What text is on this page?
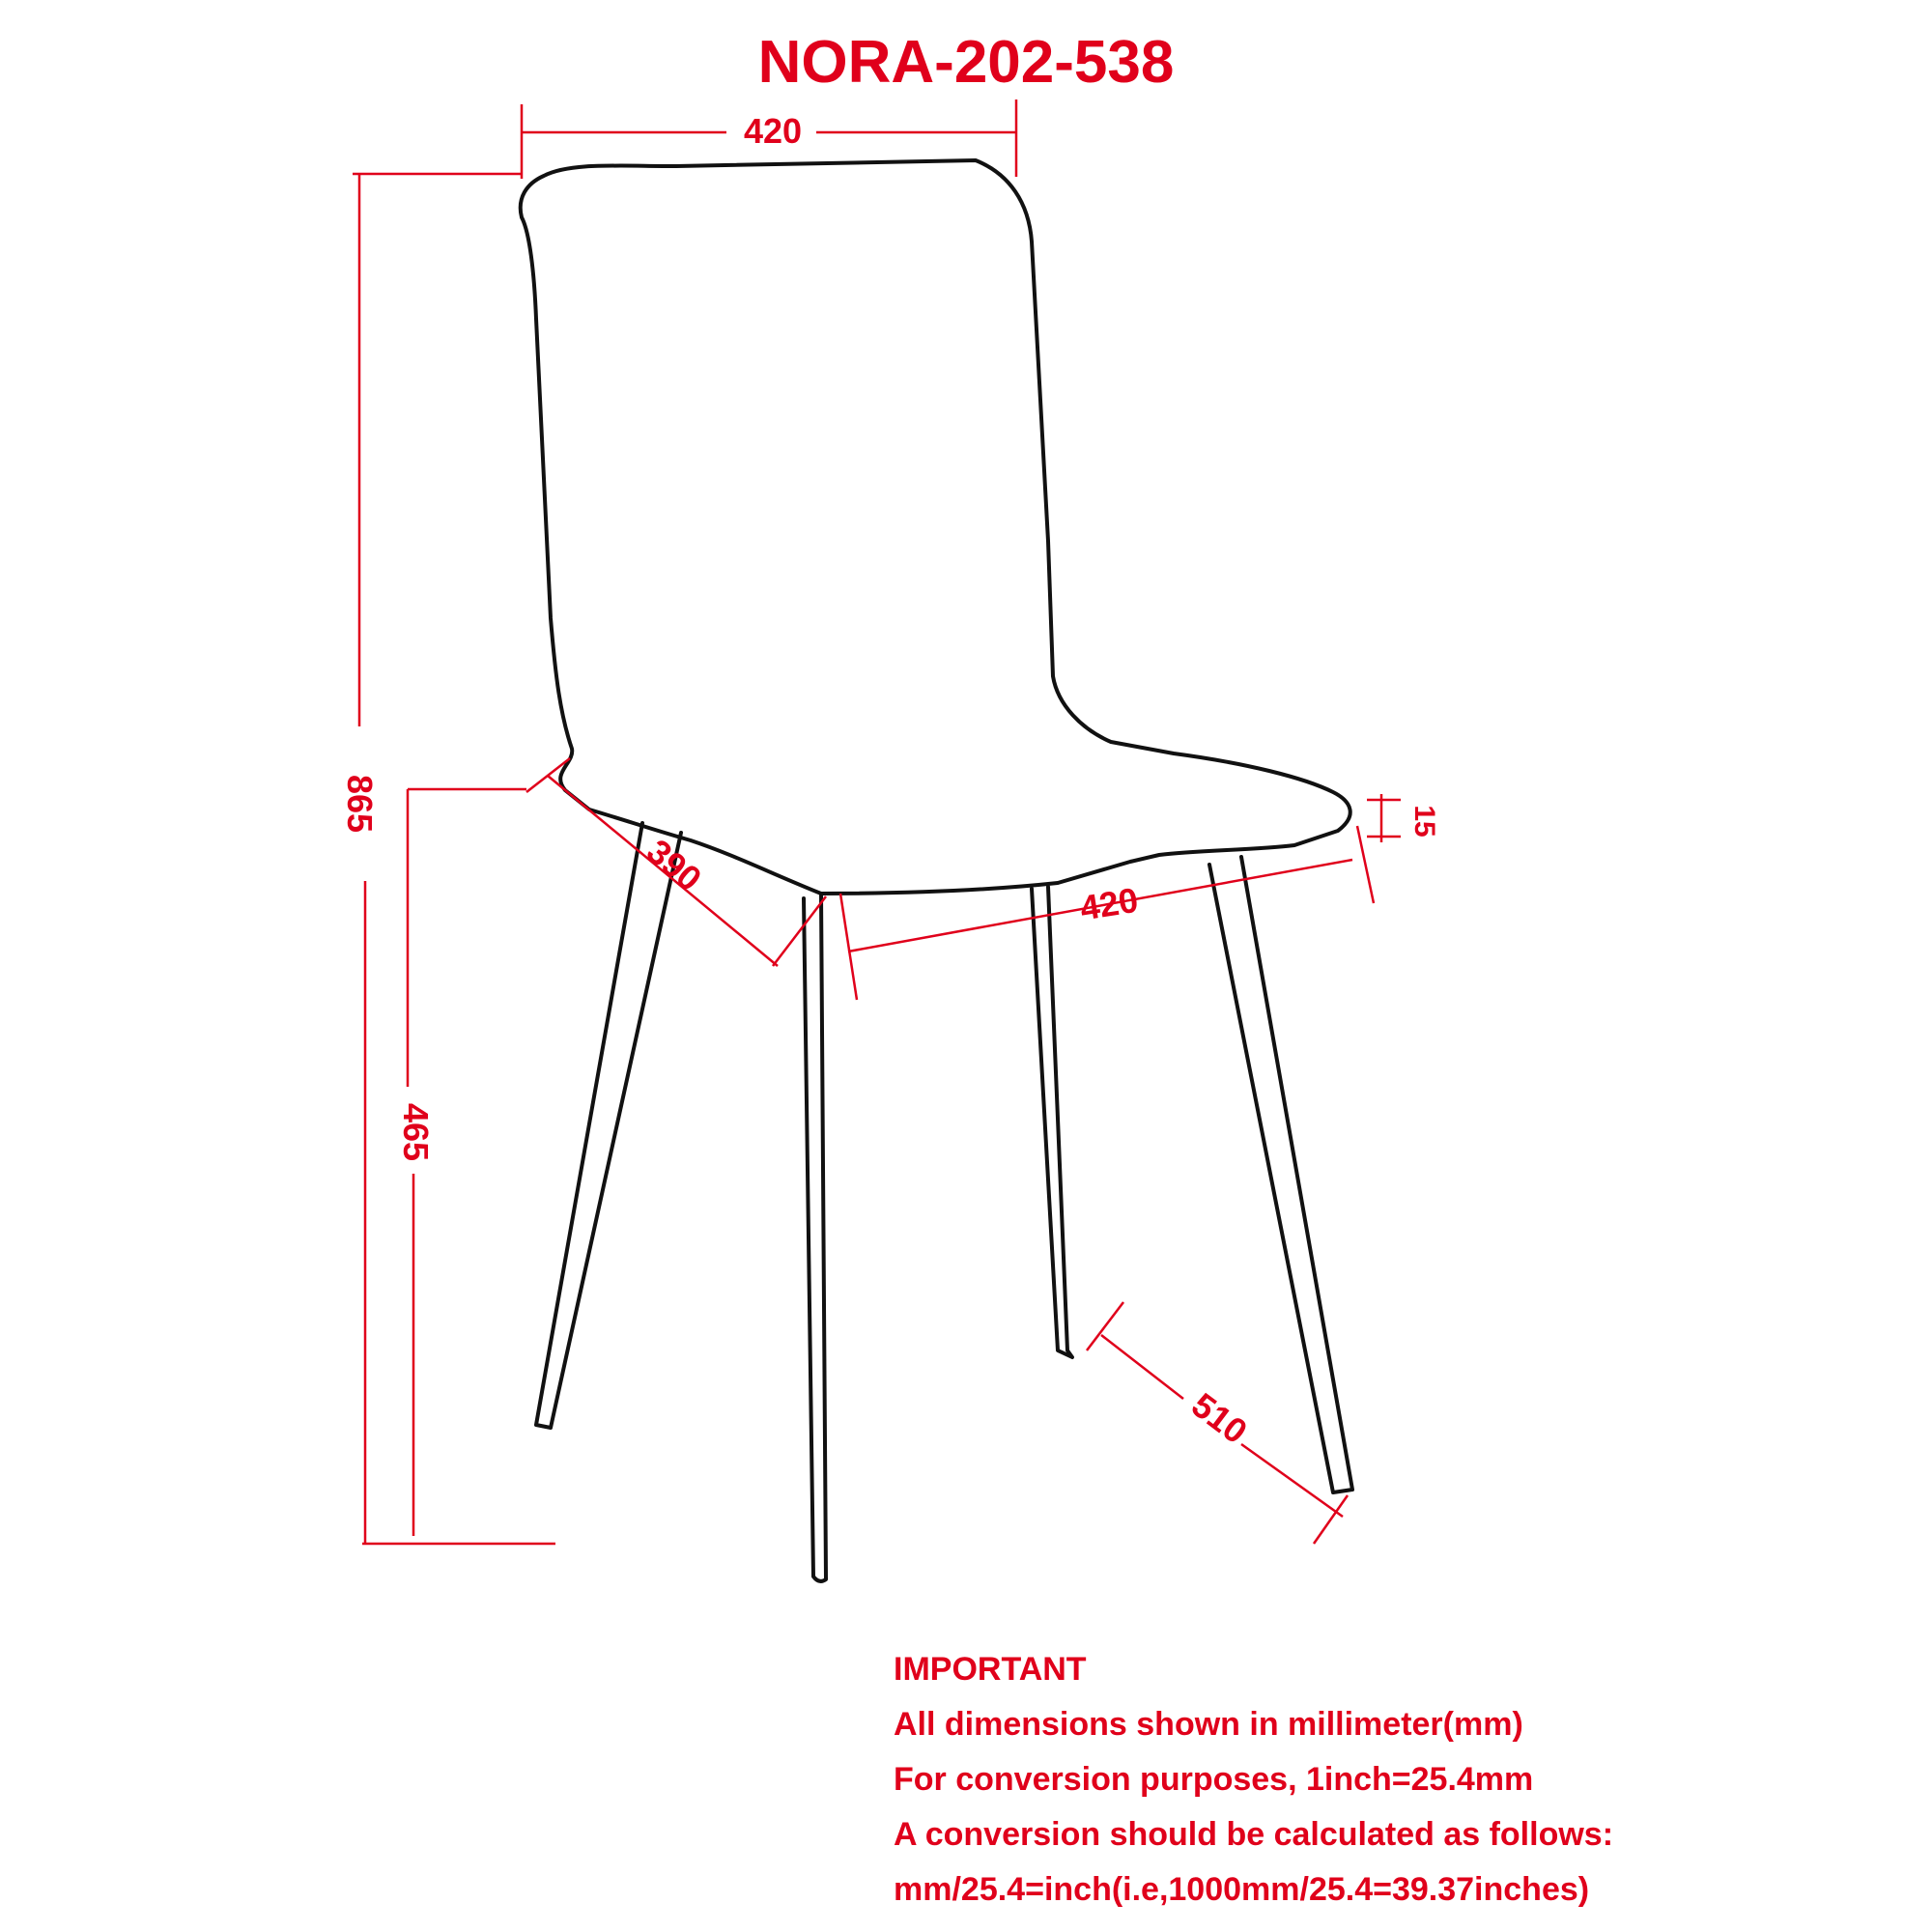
NORA-202-538
420
865
465
390
420
15
510
IMPORTANT
All dimensions shown in millimeter(mm)
For conversion purposes, 1inch=25.4mm
A conversion should be calculated as follows:
mm/25.4=inch(i.e,1000mm/25.4=39.37inches)
